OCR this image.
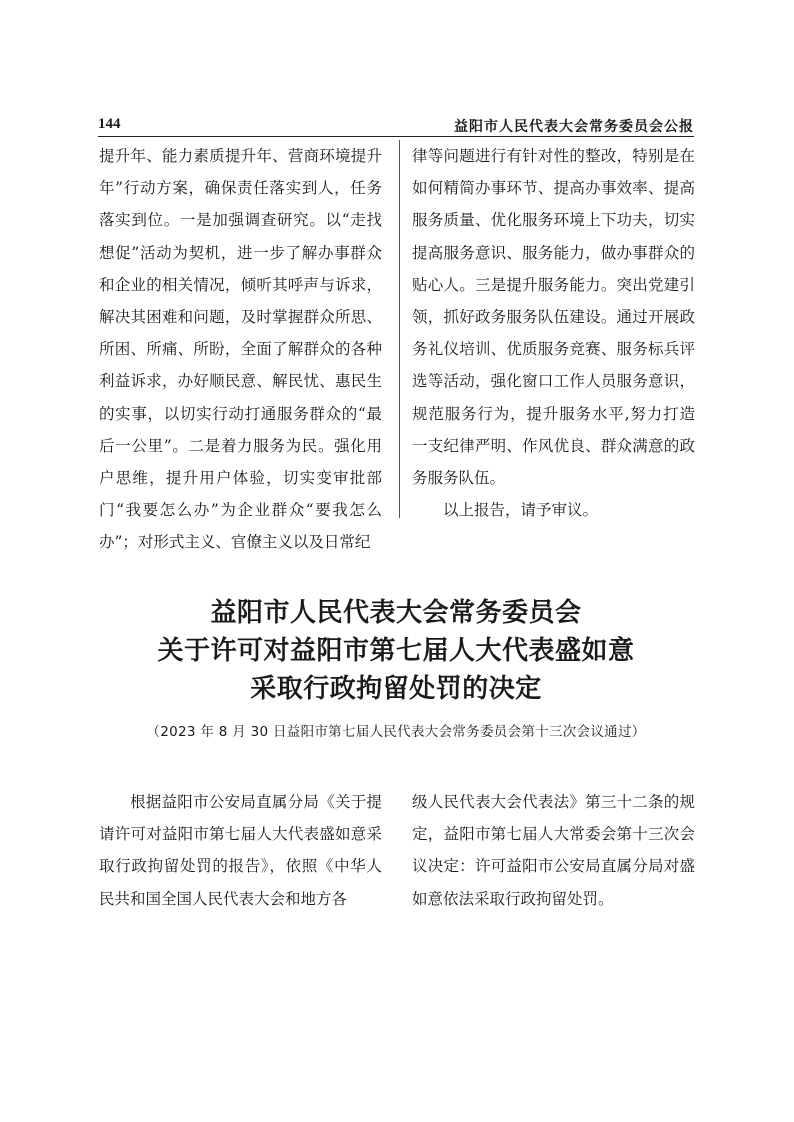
144	益阳市人民代表大会常务委员会公报

提升年、能力素质提升年、营商环境提升年”行动方案，确保责任落实到人，任务落实到位。一是加强调查研究。以“走找想促”活动为契机，进一步了解办事群众和企业的相关情况，倾听其呼声与诉求，解决其困难和问题，及时掌握群众所思、所困、所痛、所盼，全面了解群众的各种利益诉求，办好顺民意、解民忧、惠民生的实事，以切实行动打通服务群众的“最后一公里”。二是着力服务为民。强化用户思维，提升用户体验，切实变审批部门“我要怎么办”为企业群众“要我怎么办”；对形式主义、官僚主义以及日常纪

律等问题进行有针对性的整改，特别是在如何精简办事环节、提高办事效率、提高服务质量、优化服务环境上下功夫，切实提高服务意识、服务能力，做办事群众的贴心人。三是提升服务能力。突出党建引领，抓好政务服务队伍建设。通过开展政务礼仪培训、优质服务竞赛、服务标兵评选等活动，强化窗口工作人员服务意识，规范服务行为，提升服务水平,努力打造一支纪律严明、作风优良、群众满意的政务服务队伍。

以上报告，请予审议。

益阳市人民代表大会常务委员会
关于许可对益阳市第七届人大代表盛如意
采取行政拘留处罚的决定
（2023 年 8 月 30 日益阳市第七届人民代表大会常务委员会第十三次会议通过）

根据益阳市公安局直属分局《关于提请许可对益阳市第七届人大代表盛如意采取行政拘留处罚的报告》，依照《中华人民共和国全国人民代表大会和地方各

级人民代表大会代表法》第三十二条的规定，益阳市第七届人大常委会第十三次会议决定：许可益阳市公安局直属分局对盛如意依法采取行政拘留处罚。
